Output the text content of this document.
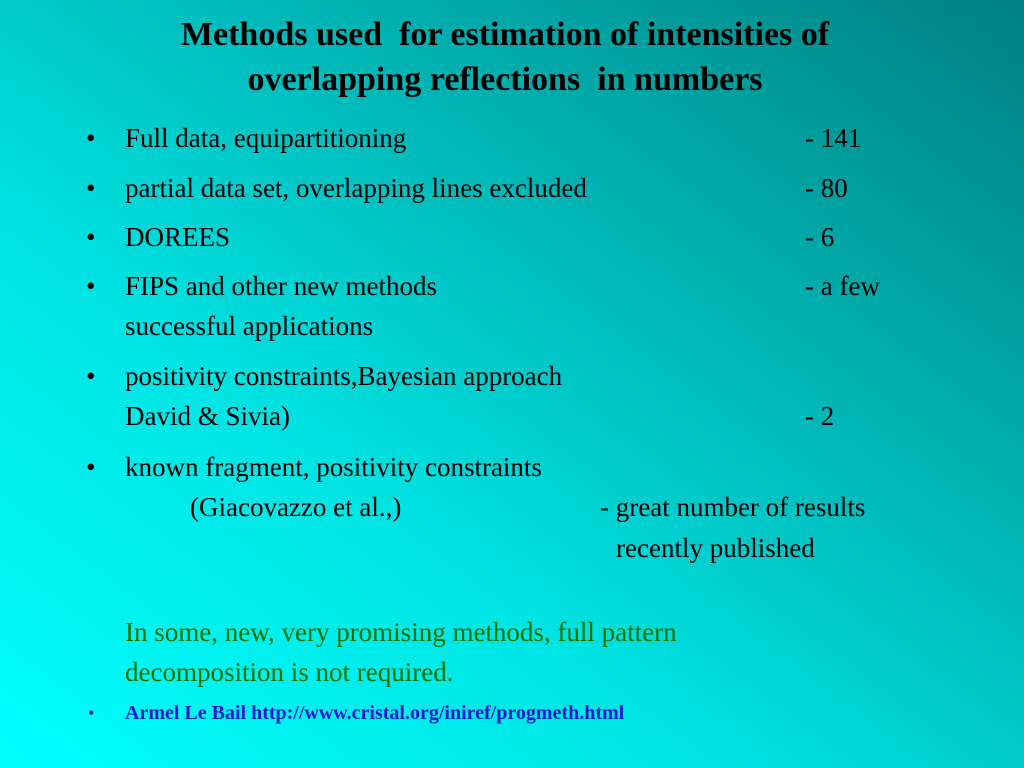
Methods used  for estimation of intensities of
overlapping reflections  in numbers
• Full data, equipartitioning	- 141
• partial data set, overlapping lines excluded	- 80
• DOREES	- 6
• FIPS and other new methods	- a few
successful applications
• positivity constraints,Bayesian approach
David & Sivia)	- 2
• known fragment, positivity constraints
(Giacovazzo et al.,)	- great number of results
recently published
In some, new, very promising methods, full pattern
decomposition is not required.
• Armel Le Bail http://www.cristal.org/iniref/progmeth.html
